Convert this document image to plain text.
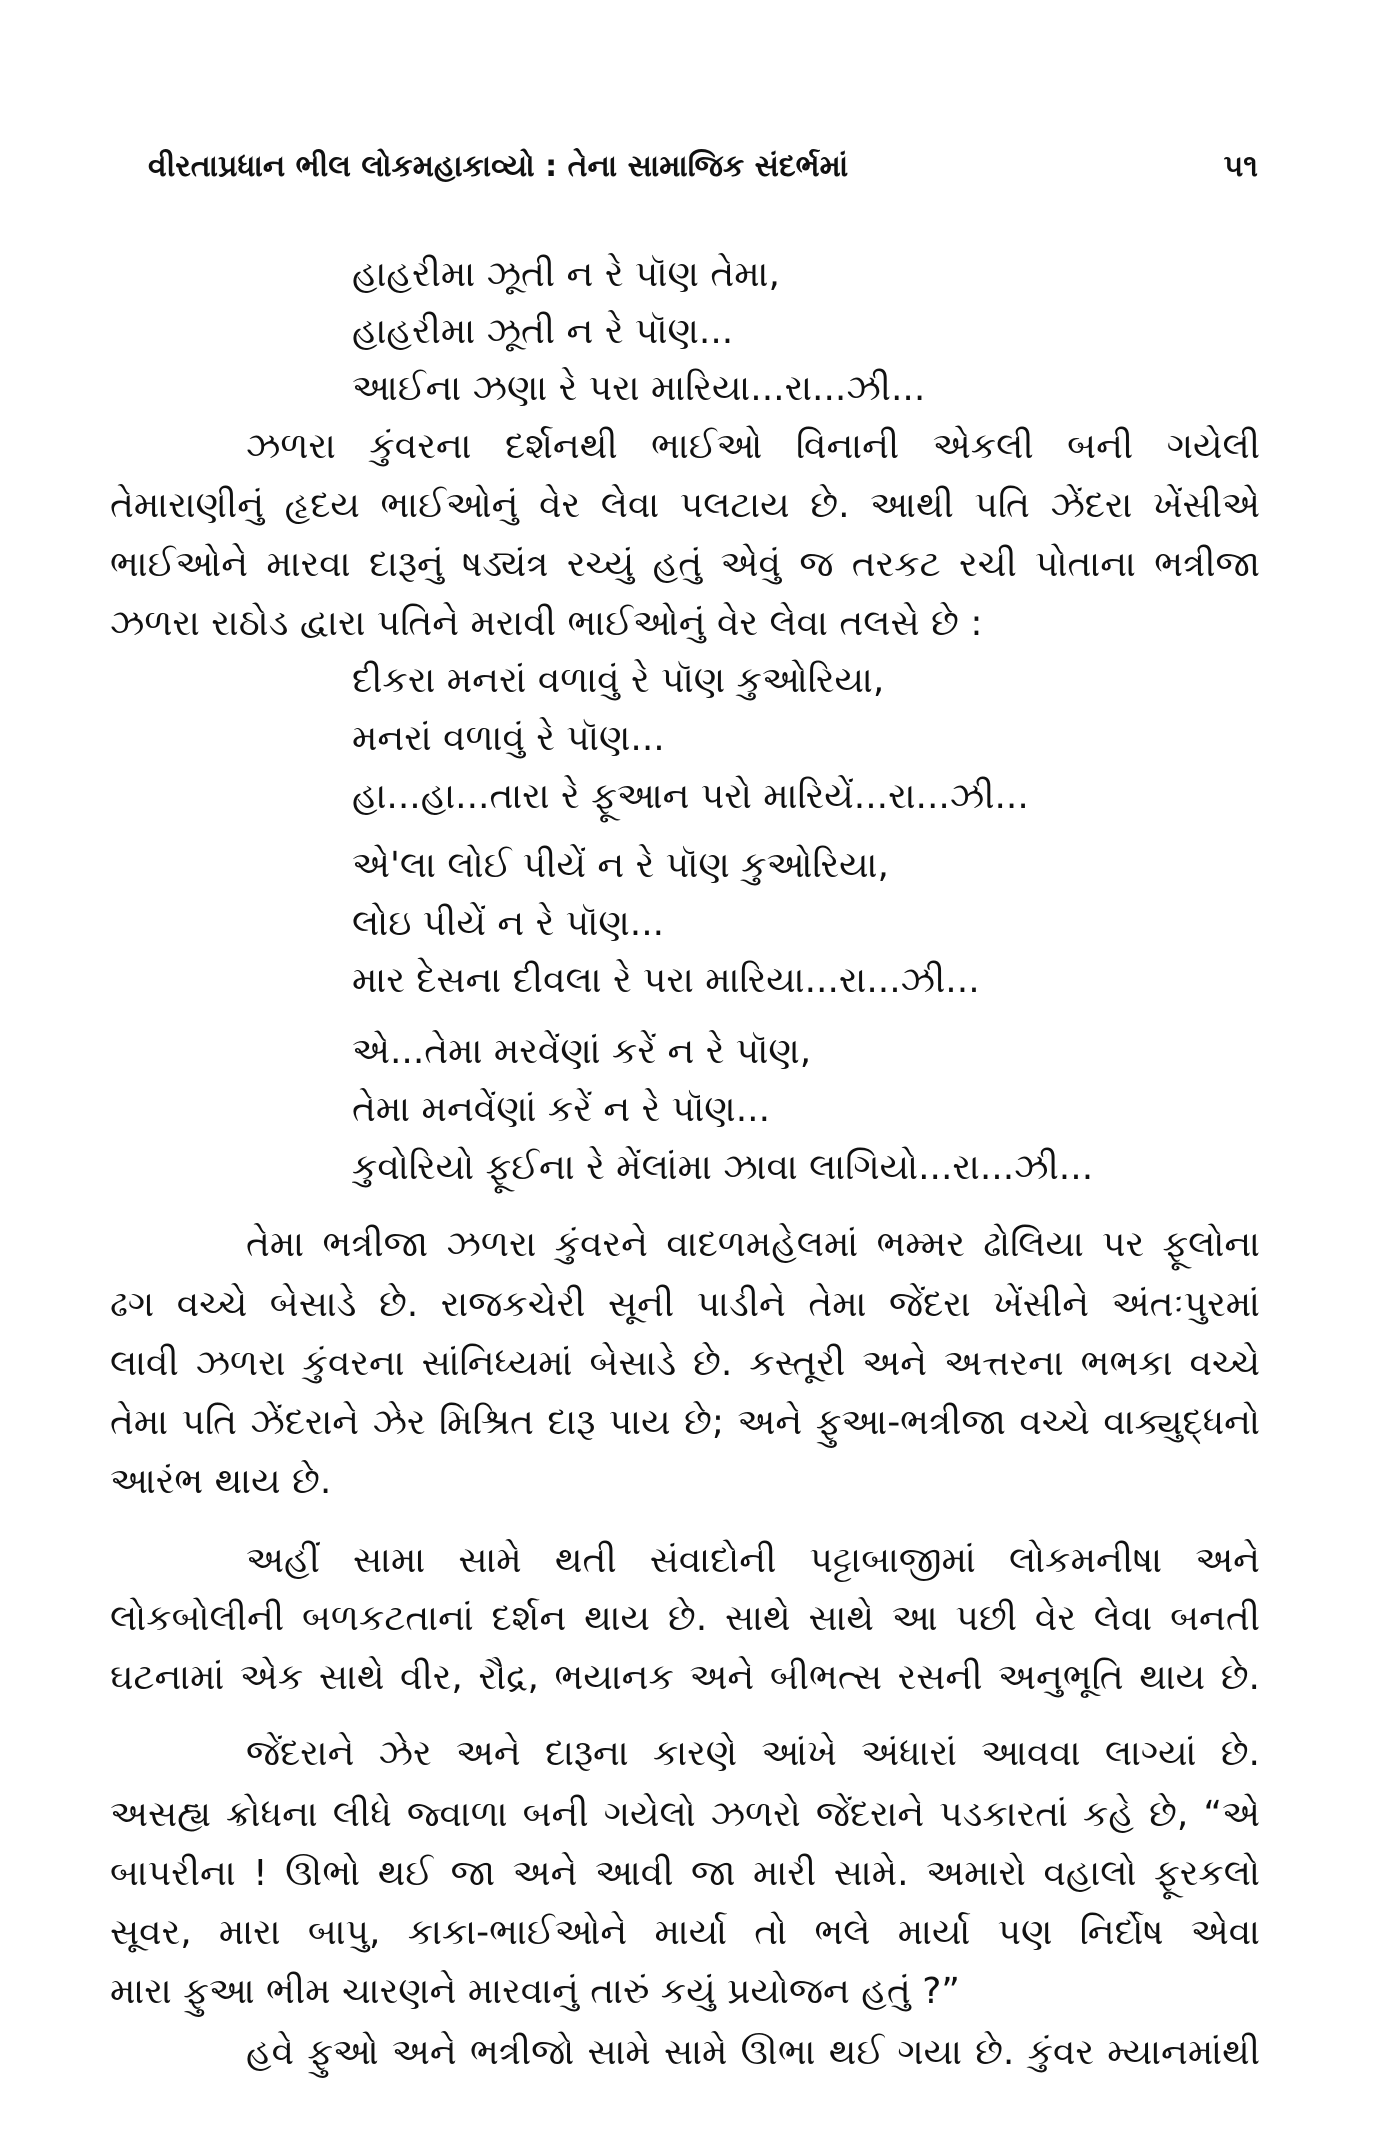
વીરતાપ્રધાન ભીલ લોકમહાકાવ્યો : તેના સામાજિક સંદર્ભમાં	૫૧
હાહરીમા ઝૂતી ન રે પૉણ તેમા,
હાહરીમા ઝૂતી ન રે પૉણ...
આઈના ઝણા રે પરા મારિયા...રા...ઝી...
ઝળરા કુંવરના દર્શનથી ભાઈઓ વિનાની એકલી બની ગયેલી
તેમારાણીનું હૃદય ભાઈઓનું વેર લેવા પલટાય છે. આથી પતિ ઝેંદરા ખેંસીએ
ભાઈઓને મારવા દારૂનું ષડ્યંત્ર રચ્યું હતું એવું જ તરકટ રચી પોતાના ભત્રીજા
ઝળરા રાઠોડ દ્વારા પતિને મરાવી ભાઈઓનું વેર લેવા તલસે છે :
દીકરા મનરાં વળાવું રે પૉણ કુઓરિયા,
મનરાં વળાવું રે પૉણ...
હા...હા...તારા રે ફૂઆન પરો મારિયેં...રા...ઝી...
એ'લા લોઈ પીયેં ન રે પૉણ કુઓરિયા,
લોઇ પીયેં ન રે પૉણ...
માર દેસના દીવલા રે પરા મારિયા...રા...ઝી...
એ...તેમા મરવેંણાં કરેં ન રે પૉણ,
તેમા મનવેંણાં કરેં ન રે પૉણ...
કુવોરિયો ફૂઈના રે મેંલાંમા ઝાવા લાગિયો...રા...ઝી...
તેમા ભત્રીજા ઝળરા કુંવરને વાદળમહેલમાં ભમ્મર ઢોલિયા પર ફૂલોના
ઢગ વચ્ચે બેસાડે છે. રાજકચેરી સૂની પાડીને તેમા જેંદરા ખેંસીને અંતઃપુરમાં
લાવી ઝળરા કુંવરના સાંનિધ્યમાં બેસાડે છે. કસ્તૂરી અને અત્તરના ભભકા વચ્ચે
તેમા પતિ ઝેંદરાને ઝેર મિશ્રિત દારૂ પાય છે; અને ફુઆ-ભત્રીજા વચ્ચે વાક્યુદ્ધનો
આરંભ થાય છે.
અહીં સામા સામે થતી સંવાદોની પટ્ટાબાજીમાં લોકમનીષા અને
લોકબોલીની બળકટતાનાં દર્શન થાય છે. સાથે સાથે આ પછી વેર લેવા બનતી
ઘટનામાં એક સાથે વીર, રૌદ્ર, ભયાનક અને બીભત્સ રસની અનુભૂતિ થાય છે.
જેંદરાને ઝેર અને દારૂના કારણે આંખે અંધારાં આવવા લાગ્યાં છે.
અસહ્ય ક્રોધના લીધે જ્વાળા બની ગયેલો ઝળરો જેંદરાને પડકારતાં કહે છે, “એ
બાપરીના ! ઊભો થઈ જા અને આવી જા મારી સામે. અમારો વહાલો ફૂરકલો
સૂવર, મારા બાપુ, કાકા-ભાઈઓને માર્યા તો ભલે માર્યા પણ નિર્દોષ એવા
મારા ફુઆ ભીમ ચારણને મારવાનું તારું કયું પ્રયોજન હતું ?”
હવે ફુઓ અને ભત્રીજો સામે સામે ઊભા થઈ ગયા છે. કુંવર મ્યાનમાંથી
